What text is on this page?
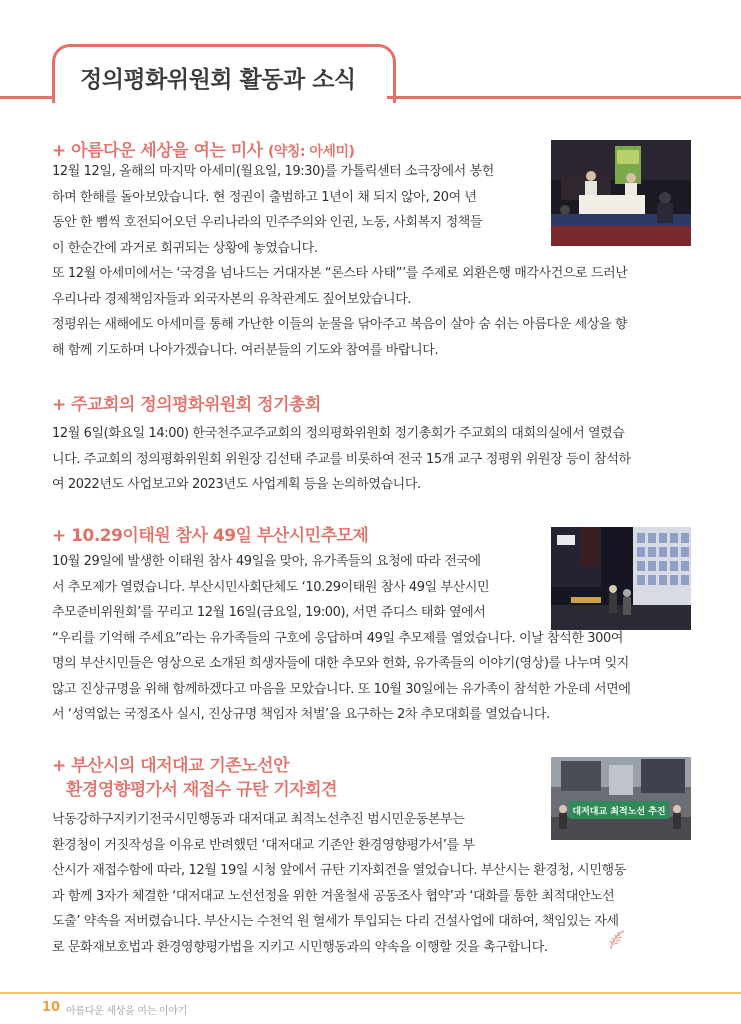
정의평화위원회 활동과 소식
+ 아름다운 세상을 여는 미사 (약칭: 아세미)

12월 12일, 올해의 마지막 아세미(월요일, 19:30)를 가톨릭센터 소극장에서 봉헌

하며 한해를 돌아보았습니다. 현 정권이 출범하고 1년이 채 되지 않아, 20여 년

동안 한 뼘씩 호전되어오던 우리나라의 민주주의와 인권, 노동, 사회복지 정책들

이 한순간에 과거로 회귀되는 상황에 놓였습니다.

또 12월 아세미에서는 ‘국경을 넘나드는 거대자본 “론스타 사태”’를 주제로 외환은행 매각사건으로 드러난

우리나라 경제책임자들과 외국자본의 유착관계도 짚어보았습니다.

정평위는 새해에도 아세미를 통해 가난한 이들의 눈물을 닦아주고 복음이 살아 숨 쉬는 아름다운 세상을 향

해 함께 기도하며 나아가겠습니다. 여러분들의 기도와 참여를 바랍니다.

+ 주교회의 정의평화위원회 정기총회

12월 6일(화요일 14:00) 한국천주교주교회의 정의평화위원회 정기총회가 주교회의 대회의실에서 열렸습

니다. 주교회의 정의평화위원회 위원장 김선태 주교를 비롯하여 전국 15개 교구 정평위 위원장 등이 참석하

여 2022년도 사업보고와 2023년도 사업계획 등을 논의하였습니다.

+ 10.29이태원 참사 49일 부산시민추모제

10월 29일에 발생한 이태원 참사 49일을 맞아, 유가족들의 요청에 따라 전국에

서 추모제가 열렸습니다. 부산시민사회단체도 ‘10.29이태원 참사 49일 부산시민

추모준비위원회’를 꾸리고 12월 16일(금요일, 19:00), 서면 쥬디스 태화 옆에서

“우리를 기억해 주세요”라는 유가족들의 구호에 응답하며 49일 추모제를 열었습니다. 이날 참석한 300여

명의 부산시민들은 영상으로 소개된 희생자들에 대한 추모와 헌화, 유가족들의 이야기(영상)를 나누며 잊지

않고 진상규명을 위해 함께하겠다고 마음을 모았습니다. 또 10월 30일에는 유가족이 참석한 가운데 서면에

서 ‘성역없는 국정조사 실시, 진상규명 책임자 처벌’을 요구하는 2차 추모대회를 열었습니다.

+ 부산시의 대저대교 기존노선안
환경영향평가서 재접수 규탄 기자회견
대저대교 최적노선 추진

낙동강하구지키기전국시민행동과 대저대교 최적노선추진 범시민운동본부는

환경청이 거짓작성을 이유로 반려했던 ‘대저대교 기존안 환경영향평가서’를 부

산시가 재접수함에 따라, 12월 19일 시청 앞에서 규탄 기자회견을 열었습니다. 부산시는 환경청, 시민행동

과 함께 3자가 체결한 ‘대저대교 노선선정을 위한 겨울철새 공동조사 협약’과 ‘대화를 통한 최적대안노선

도출’ 약속을 저버렸습니다. 부산시는 수천억 원 혈세가 투입되는 다리 건설사업에 대하여, 책임있는 자세

로 문화재보호법과 환경영향평가법을 지키고 시민행동과의 약속을 이행할 것을 촉구합니다.

10 아름다운 세상을 여는 이야기
